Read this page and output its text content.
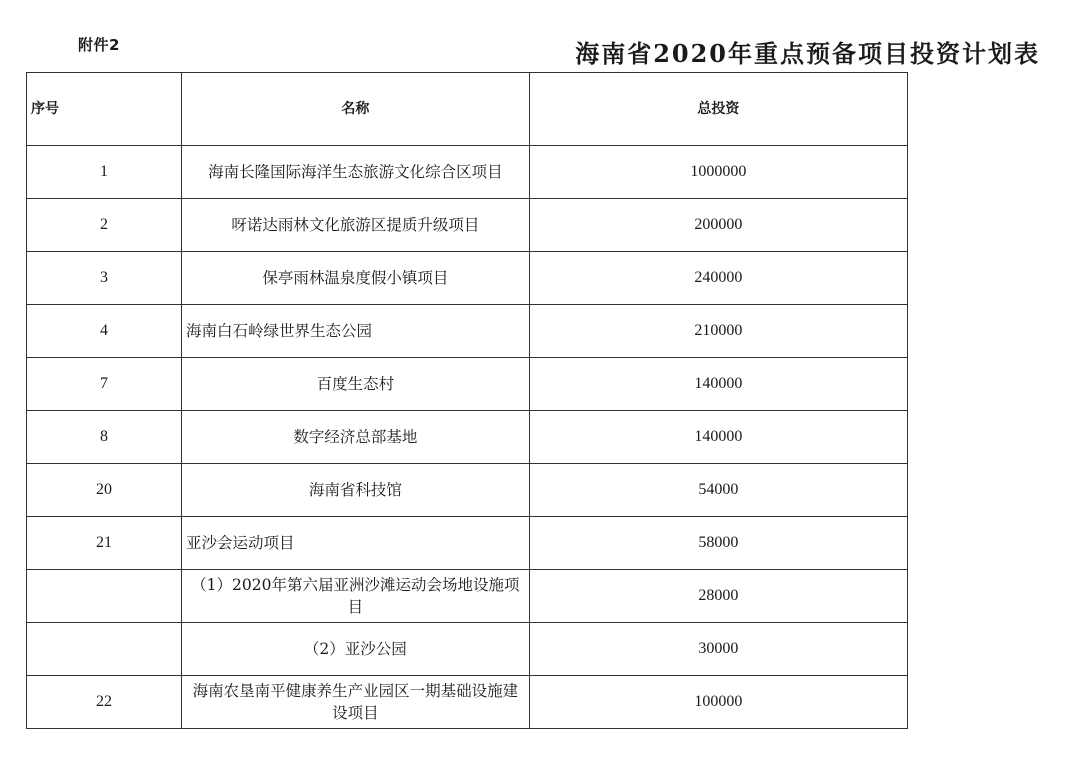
附件2	海南省2020年重点预备项目投资计划表
序号	名称	总投资
1	海南长隆国际海洋生态旅游文化综合区项目	1000000
2	呀诺达雨林文化旅游区提质升级项目	200000
3	保亭雨林温泉度假小镇项目	240000
4	海南白石岭绿世界生态公园	210000
7	百度生态村	140000
8	数字经济总部基地	140000
20	海南省科技馆	54000
21	亚沙会运动项目	58000
	（1）2020年第六届亚洲沙滩运动会场地设施项目	28000
	（2）亚沙公园	30000
22	海南农垦南平健康养生产业园区一期基础设施建设项目	100000
